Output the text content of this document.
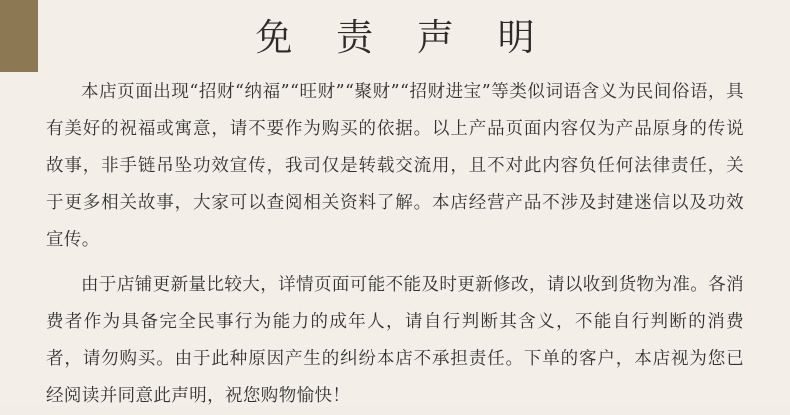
免 责 声 明

本店页面出现“招财“纳福”“旺财”“聚财”“招财进宝”等类似词语含义为民间俗语，具有美好的祝福或寓意，请不要作为购买的依据。以上产品页面内容仅为产品原身的传说故事，非手链吊坠功效宣传，我司仅是转载交流用，且不对此内容负任何法律责任，关于更多相关故事，大家可以查阅相关资料了解。本店经营产品不涉及封建迷信以及功效宣传。

由于店铺更新量比较大，详情页面可能不能及时更新修改，请以收到货物为准。各消费者作为具备完全民事行为能力的成年人，请自行判断其含义，不能自行判断的消费者，请勿购买。由于此种原因产生的纠纷本店不承担责任。下单的客户，本店视为您已经阅读并同意此声明，祝您购物愉快！
